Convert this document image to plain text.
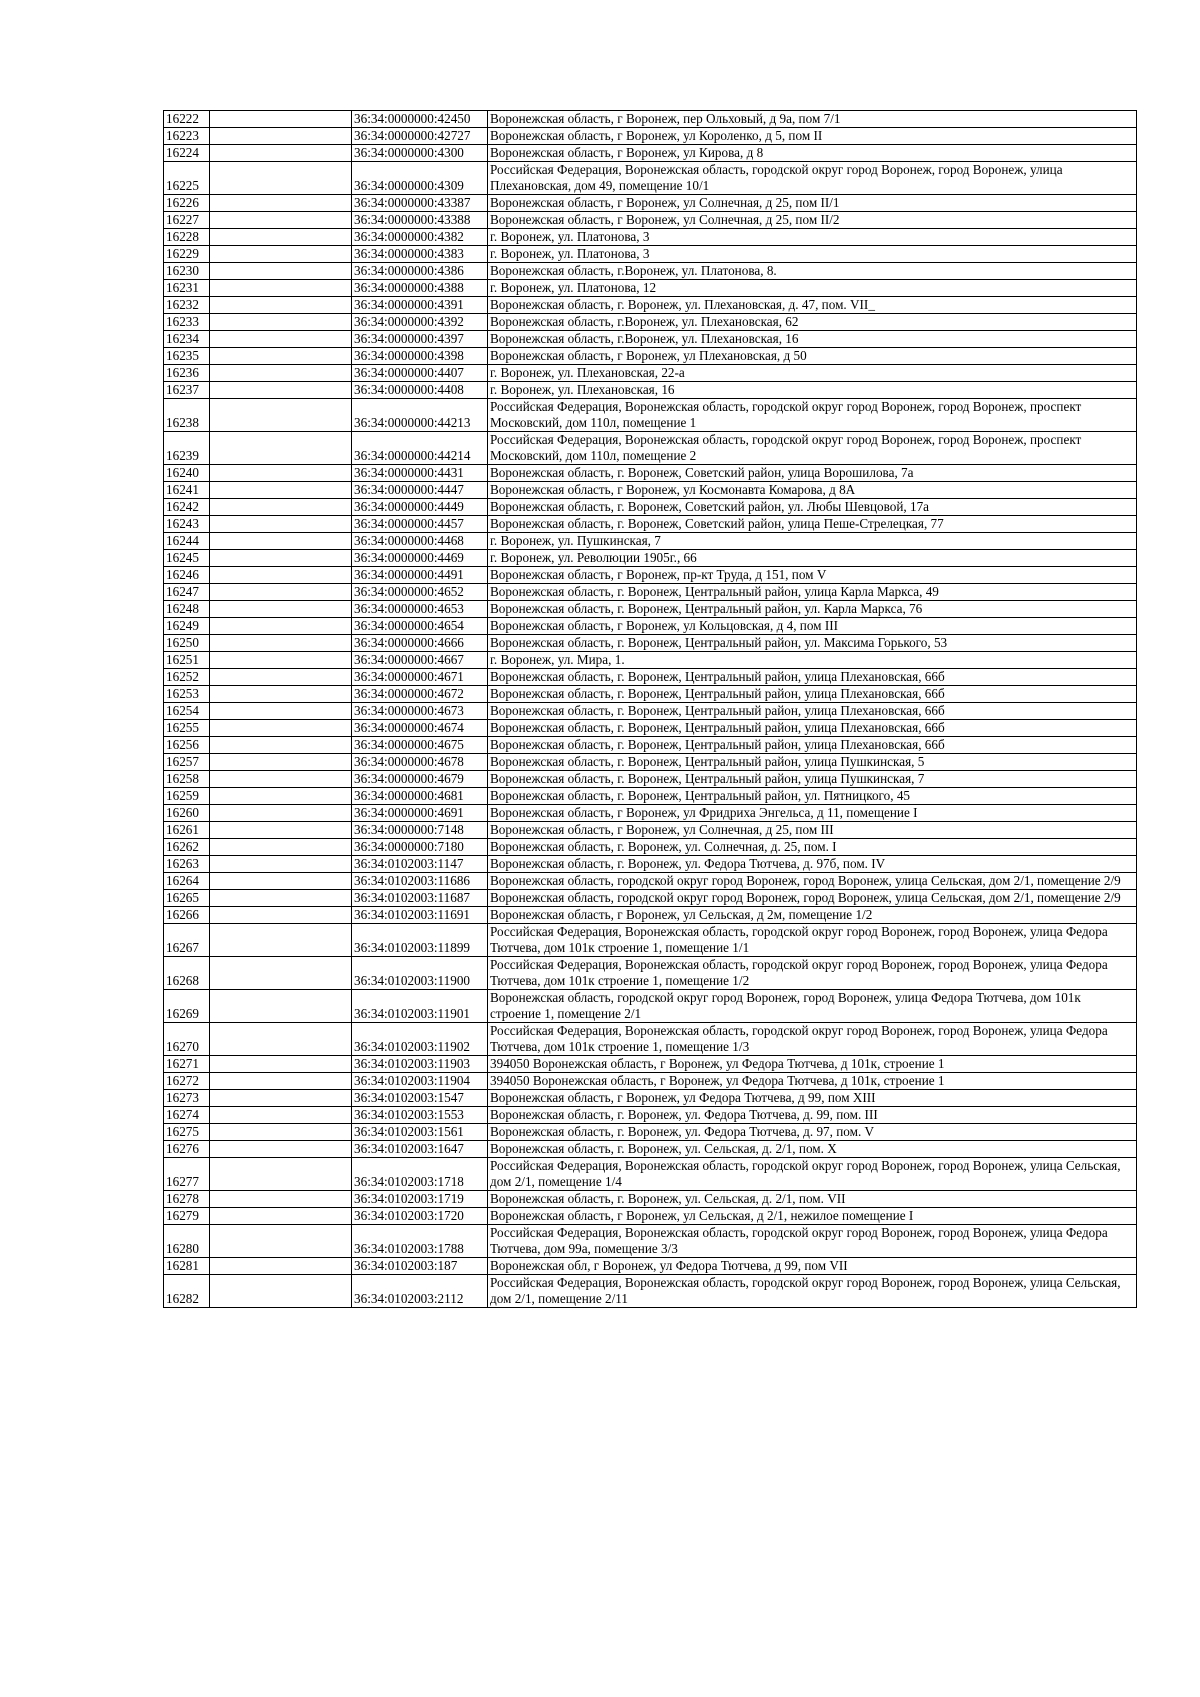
16222		36:34:0000000:42450	Воронежская область, г Воронеж, пер Ольховый, д 9а, пом 7/1
16223		36:34:0000000:42727	Воронежская область, г Воронеж, ул Короленко, д 5, пом II
16224		36:34:0000000:4300	Воронежская область, г Воронеж, ул Кирова, д 8
16225		36:34:0000000:4309	Российская Федерация, Воронежская область, городской округ город Воронеж, город Воронеж, улица Плехановская, дом 49, помещение 10/1
16226		36:34:0000000:43387	Воронежская область, г Воронеж, ул Солнечная, д 25, пом II/1
16227		36:34:0000000:43388	Воронежская область, г Воронеж, ул Солнечная, д 25, пом II/2
16228		36:34:0000000:4382	г. Воронеж, ул. Платонова, 3
16229		36:34:0000000:4383	г. Воронеж, ул. Платонова, 3
16230		36:34:0000000:4386	Воронежская область, г.Воронеж, ул. Платонова, 8.
16231		36:34:0000000:4388	г. Воронеж, ул. Платонова, 12
16232		36:34:0000000:4391	Воронежская область, г. Воронеж, ул. Плехановская, д. 47, пом. VII_
16233		36:34:0000000:4392	Воронежская область, г.Воронеж, ул. Плехановская, 62
16234		36:34:0000000:4397	Воронежская область, г.Воронеж, ул. Плехановская, 16
16235		36:34:0000000:4398	Воронежская область, г Воронеж, ул Плехановская, д 50
16236		36:34:0000000:4407	г. Воронеж, ул. Плехановская, 22-а
16237		36:34:0000000:4408	г. Воронеж, ул. Плехановская, 16
16238		36:34:0000000:44213	Российская Федерация, Воронежская область, городской округ город Воронеж, город Воронеж, проспект Московский, дом 110л, помещение 1
16239		36:34:0000000:44214	Российская Федерация, Воронежская область, городской округ город Воронеж, город Воронеж, проспект Московский, дом 110л, помещение 2
16240		36:34:0000000:4431	Воронежская область, г. Воронеж, Советский район, улица Ворошилова, 7а
16241		36:34:0000000:4447	Воронежская область, г Воронеж, ул Космонавта Комарова, д 8А
16242		36:34:0000000:4449	Воронежская область, г. Воронеж, Советский район, ул. Любы Шевцовой, 17а
16243		36:34:0000000:4457	Воронежская область, г. Воронеж, Советский район, улица Пеше-Стрелецкая, 77
16244		36:34:0000000:4468	г. Воронеж, ул. Пушкинская, 7
16245		36:34:0000000:4469	г. Воронеж, ул. Революции 1905г., 66
16246		36:34:0000000:4491	Воронежская область, г Воронеж, пр-кт Труда, д 151, пом V
16247		36:34:0000000:4652	Воронежская область, г. Воронеж, Центральный район, улица Карла Маркса, 49
16248		36:34:0000000:4653	Воронежская область, г. Воронеж, Центральный район, ул. Карла Маркса, 76
16249		36:34:0000000:4654	Воронежская область, г Воронеж, ул Кольцовская, д 4, пом III
16250		36:34:0000000:4666	Воронежская область, г. Воронеж, Центральный район, ул. Максима Горького, 53
16251		36:34:0000000:4667	г. Воронеж, ул. Мира, 1.
16252		36:34:0000000:4671	Воронежская область, г. Воронеж, Центральный район, улица Плехановская, 66б
16253		36:34:0000000:4672	Воронежская область, г. Воронеж, Центральный район, улица Плехановская, 66б
16254		36:34:0000000:4673	Воронежская область, г. Воронеж, Центральный район, улица Плехановская, 66б
16255		36:34:0000000:4674	Воронежская область, г. Воронеж, Центральный район, улица Плехановская, 66б
16256		36:34:0000000:4675	Воронежская область, г. Воронеж, Центральный район, улица Плехановская, 66б
16257		36:34:0000000:4678	Воронежская область, г. Воронеж, Центральный район, улица Пушкинская, 5
16258		36:34:0000000:4679	Воронежская область, г. Воронеж, Центральный район, улица Пушкинская, 7
16259		36:34:0000000:4681	Воронежская область, г. Воронеж, Центральный район, ул. Пятницкого, 45
16260		36:34:0000000:4691	Воронежская область, г Воронеж, ул Фридриха Энгельса, д 11, помещение I
16261		36:34:0000000:7148	Воронежская область, г Воронеж, ул Солнечная, д 25, пом III
16262		36:34:0000000:7180	Воронежская область, г. Воронеж, ул. Солнечная, д. 25, пом. I
16263		36:34:0102003:1147	Воронежская область, г. Воронеж, ул. Федора Тютчева, д. 97б, пом. IV
16264		36:34:0102003:11686	Воронежская область, городской округ город Воронеж, город Воронеж, улица Сельская, дом 2/1, помещение 2/9
16265		36:34:0102003:11687	Воронежская область, городской округ город Воронеж, город Воронеж, улица Сельская, дом 2/1, помещение 2/9
16266		36:34:0102003:11691	Воронежская область, г Воронеж, ул Сельская, д 2м, помещение 1/2
16267		36:34:0102003:11899	Российская Федерация, Воронежская область, городской округ город Воронеж, город Воронеж, улица Федора Тютчева, дом 101к строение 1, помещение 1/1
16268		36:34:0102003:11900	Российская Федерация, Воронежская область, городской округ город Воронеж, город Воронеж, улица Федора Тютчева, дом 101к строение 1, помещение 1/2
16269		36:34:0102003:11901	Воронежская область, городской округ город Воронеж, город Воронеж, улица Федора Тютчева, дом 101к строение 1, помещение 2/1
16270		36:34:0102003:11902	Российская Федерация, Воронежская область, городской округ город Воронеж, город Воронеж, улица Федора Тютчева, дом 101к строение 1, помещение 1/3
16271		36:34:0102003:11903	394050 Воронежская область, г Воронеж, ул Федора Тютчева, д 101к, строение 1
16272		36:34:0102003:11904	394050 Воронежская область, г Воронеж, ул Федора Тютчева, д 101к, строение 1
16273		36:34:0102003:1547	Воронежская область, г Воронеж, ул Федора Тютчева, д 99, пом XIII
16274		36:34:0102003:1553	Воронежская область, г. Воронеж, ул. Федора Тютчева, д. 99, пом. III
16275		36:34:0102003:1561	Воронежская область, г. Воронеж, ул. Федора Тютчева, д. 97, пом. V
16276		36:34:0102003:1647	Воронежская область, г. Воронеж, ул. Сельская, д. 2/1, пом. X
16277		36:34:0102003:1718	Российская Федерация, Воронежская область, городской округ город Воронеж, город Воронеж, улица Сельская, дом 2/1, помещение 1/4
16278		36:34:0102003:1719	Воронежская область, г. Воронеж, ул. Сельская, д. 2/1, пом. VII
16279		36:34:0102003:1720	Воронежская область, г Воронеж, ул Сельская, д 2/1, нежилое помещение I
16280		36:34:0102003:1788	Российская Федерация, Воронежская область, городской округ город Воронеж, город Воронеж, улица Федора Тютчева, дом 99а, помещение 3/3
16281		36:34:0102003:187	Воронежская обл, г Воронеж, ул Федора Тютчева, д 99, пом VII
16282		36:34:0102003:2112	Российская Федерация, Воронежская область, городской округ город Воронеж, город Воронеж, улица Сельская, дом 2/1, помещение 2/11
